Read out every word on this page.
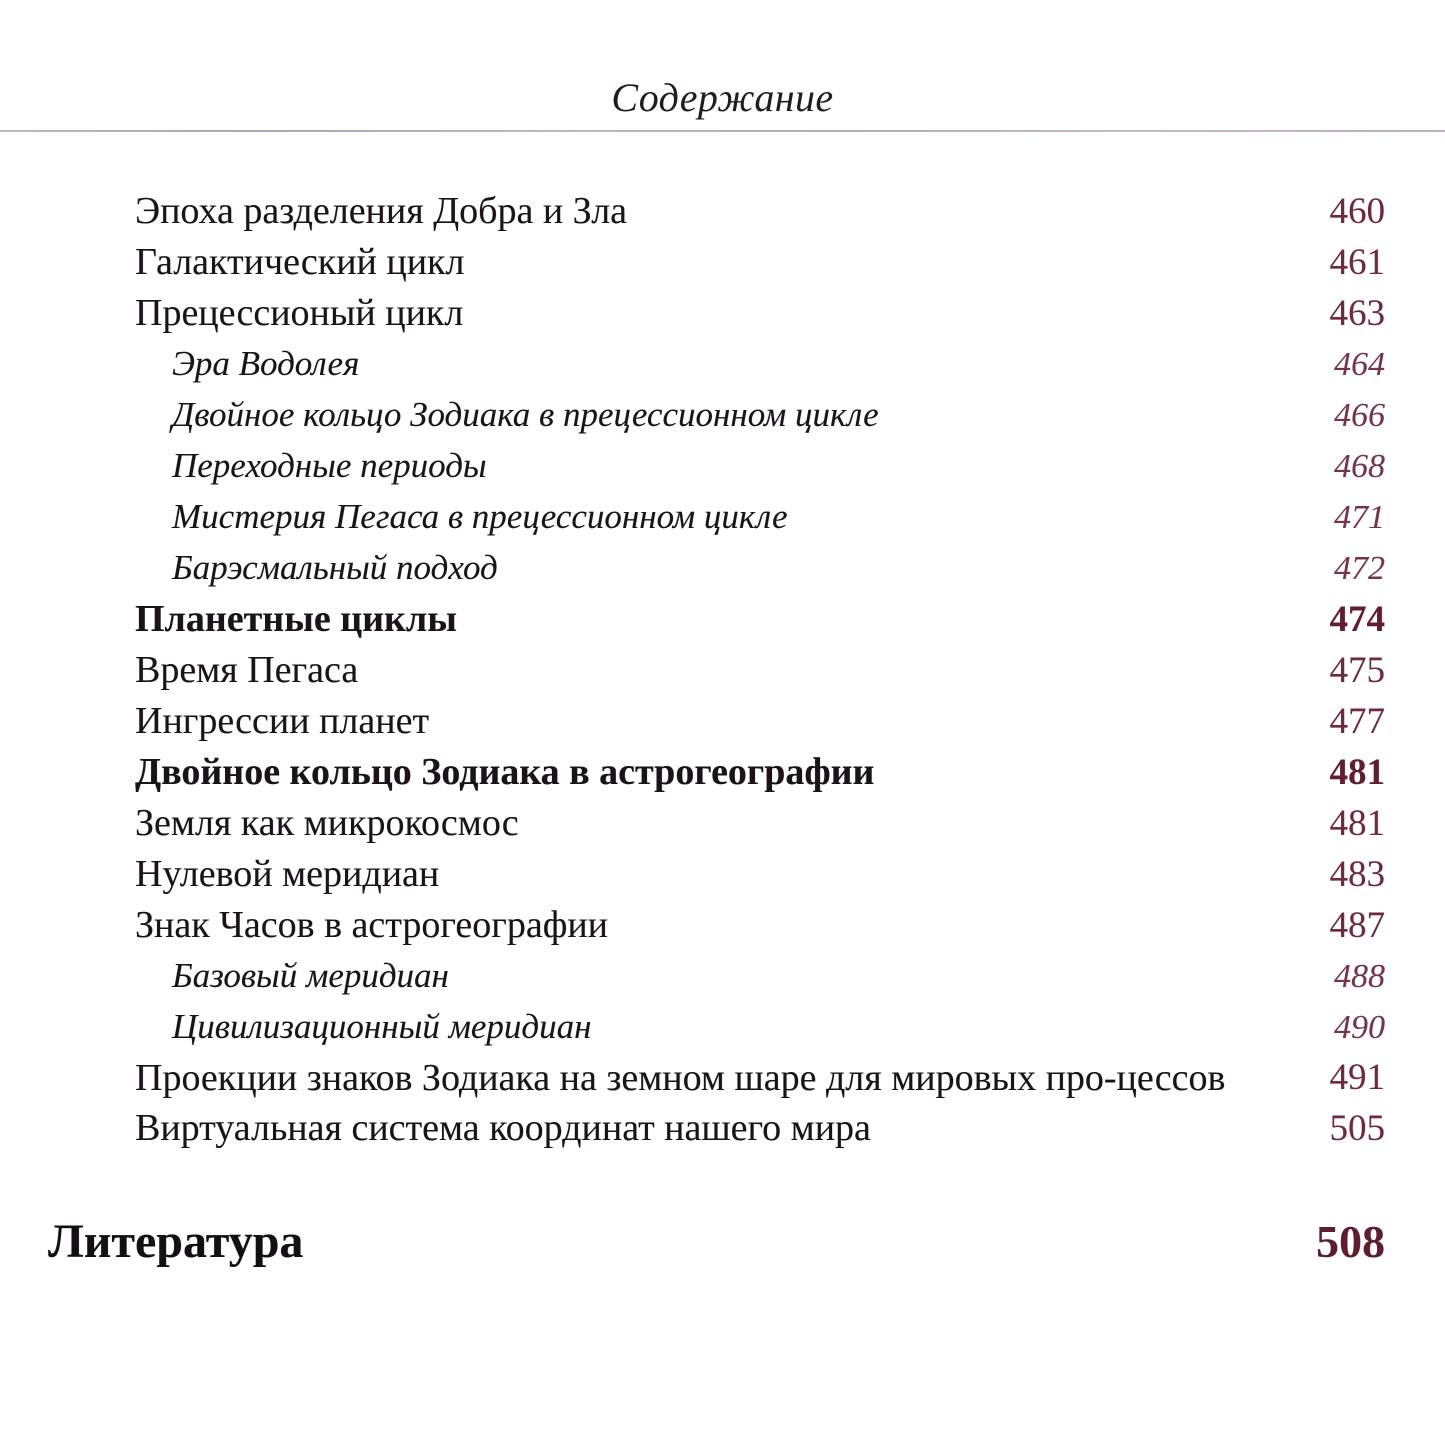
Содержание
Эпоха разделения Добра и Зла	460
Галактический цикл	461
Прецессионый цикл	463
Эра Водолея	464
Двойное кольцо Зодиака в прецессионном цикле	466
Переходные периоды	468
Мистерия Пегаса в прецессионном цикле	471
Барэсмальный подход	472
Планетные циклы	474
Время Пегаса	475
Ингрессии планет	477
Двойное кольцо Зодиака в астрогеографии	481
Земля как микрокосмос	481
Нулевой меридиан	483
Знак Часов в астрогеографии	487
Базовый меридиан	488
Цивилизационный меридиан	490
Проекции знаков Зодиака на земном шаре для мировых про-цессов	491
Виртуальная система координат нашего мира	505
Литература	508
